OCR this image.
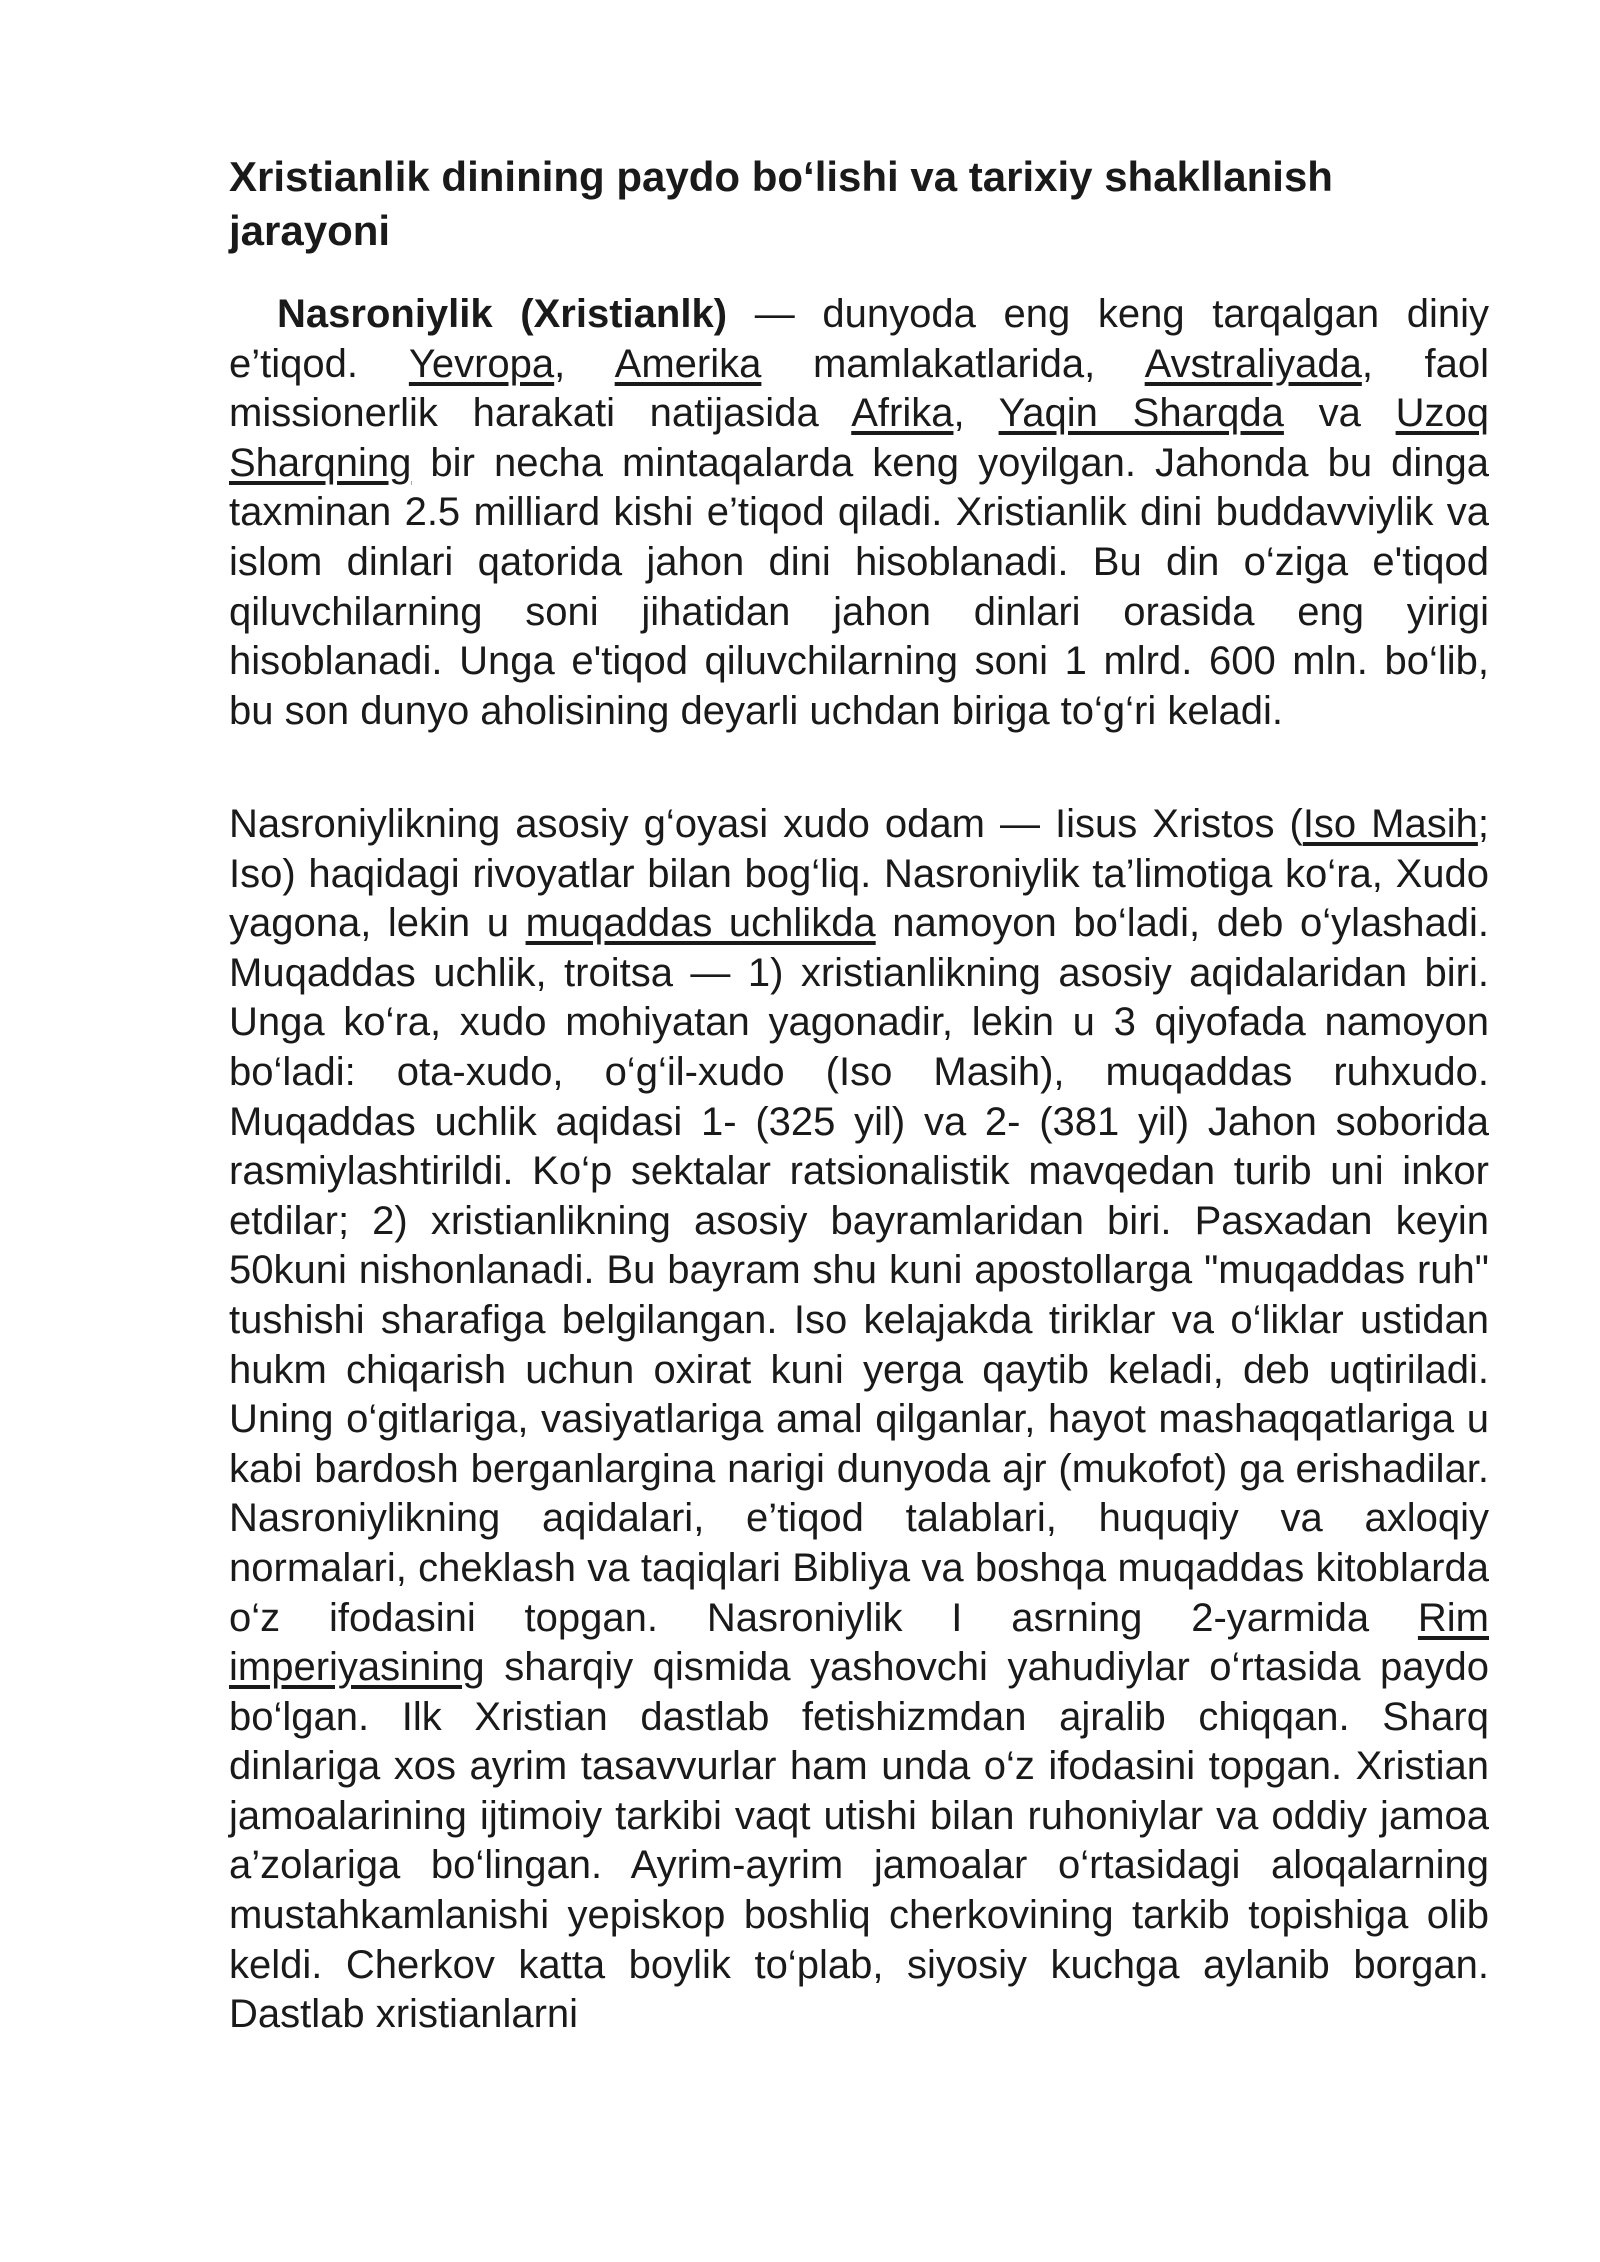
Xristianlik dinining paydo bo‘lishi va tarixiy shakllanish jarayoni

Nasroniylik (Xristianlk) — dunyoda eng keng tarqalgan diniy e’tiqod. Yevropa, Amerika mamlakatlarida, Avstraliyada, faol missionerlik harakati natijasida Afrika, Yaqin Sharqda va Uzoq Sharqning bir necha mintaqalarda keng yoyilgan. Jahonda bu dinga taxminan 2.5 milliard kishi e’tiqod qiladi. Xristianlik dini buddavviylik va islom dinlari qatorida jahon dini hisoblanadi. Bu din o‘ziga e'tiqod qiluvchilarning soni jihatidan jahon dinlari orasida eng yirigi hisoblanadi. Unga e'tiqod qiluvchilarning soni 1 mlrd. 600 mln. bo‘lib, bu son dunyo aholisining deyarli uchdan biriga to‘g‘ri keladi.

Nasroniylikning asosiy g‘oyasi xudo odam — Iisus Xristos (Iso Masih; Iso) haqidagi rivoyatlar bilan bog‘liq. Nasroniylik ta’limotiga ko‘ra, Xudo yagona, lekin u muqaddas uchlikda namoyon bo‘ladi, deb o‘ylashadi. Muqaddas uchlik, troitsa — 1) xristianlikning asosiy aqidalaridan biri. Unga ko‘ra, xudo mohiyatan yagonadir, lekin u 3 qiyofada namoyon bo‘ladi: ota-xudo, o‘g‘il-xudo (Iso Masih), muqaddas ruhxudo. Muqaddas uchlik aqidasi 1- (325 yil) va 2- (381 yil) Jahon soborida rasmiylashtirildi. Ko‘p sektalar ratsionalistik mavqedan turib uni inkor etdilar; 2) xristianlikning asosiy bayramlaridan biri. Pasxadan keyin 50kuni nishonlanadi. Bu bayram shu kuni apostollarga "muqaddas ruh" tushishi sharafiga belgilangan. Iso kelajakda tiriklar va o‘liklar ustidan hukm chiqarish uchun oxirat kuni yerga qaytib keladi, deb uqtiriladi. Uning o‘gitlariga, vasiyatlariga amal qilganlar, hayot mashaqqatlariga u kabi bardosh berganlargina narigi dunyoda ajr (mukofot) ga erishadilar. Nasroniylikning aqidalari, e’tiqod talablari, huquqiy va axloqiy normalari, cheklash va taqiqlari Bibliya va boshqa muqaddas kitoblarda o‘z ifodasini topgan. Nasroniylik I asrning 2-yarmida Rim imperiyasining sharqiy qismida yashovchi yahudiylar o‘rtasida paydo bo‘lgan. Ilk Xristian dastlab fetishizmdan ajralib chiqqan. Sharq dinlariga xos ayrim tasavvurlar ham unda o‘z ifodasini topgan. Xristian jamoalarining ijtimoiy tarkibi vaqt utishi bilan ruhoniylar va oddiy jamoa a’zolariga bo‘lingan. Ayrim-ayrim jamoalar o‘rtasidagi aloqalarning mustahkamlanishi yepiskop boshliq cherkovining tarkib topishiga olib keldi. Cherkov katta boylik to‘plab, siyosiy kuchga aylanib borgan. Dastlab xristianlarni
